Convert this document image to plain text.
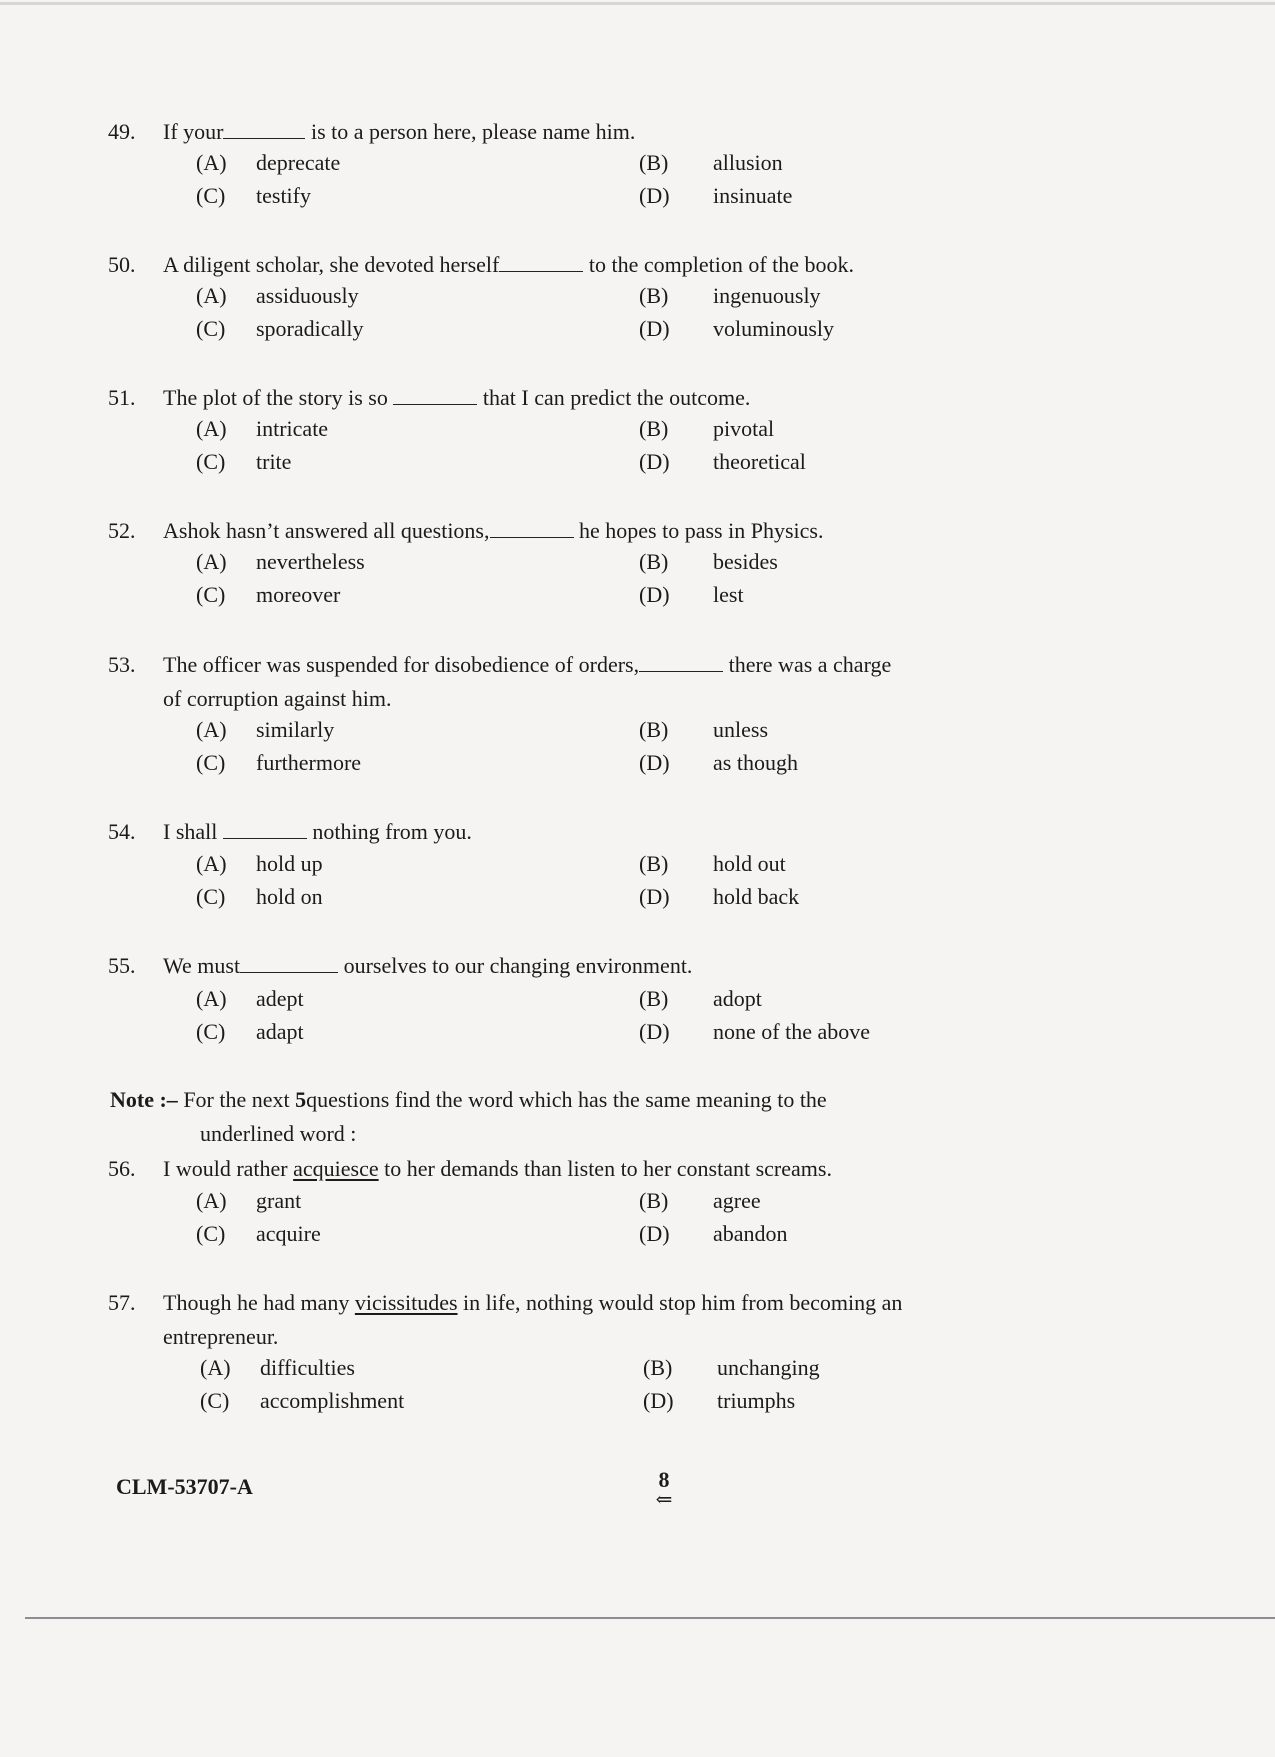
49.	If your	is to a person here, please name him.
(A) deprecate	(B) allusion
(C) testify	(D) insinuate
50.	A diligent scholar, she devoted herself	to the completion of the book.
(A) assiduously	(B) ingenuously
(C) sporadically	(D) voluminously
51.	The plot of the story is so	that I can predict the outcome.
(A) intricate	(B) pivotal
(C) trite	(D) theoretical
52.	Ashok hasn’t answered all questions,	he hopes to pass in Physics.
(A) nevertheless	(B) besides
(C) moreover	(D) lest
53.	The officer was suspended for disobedience of orders,	there was a charge
of corruption against him.
(A) similarly	(B) unless
(C) furthermore	(D) as though
54.	I shall	nothing from you.
(A) hold up	(B) hold out
(C) hold on	(D) hold back
55.	We must	ourselves to our changing environment.
(A) adept	(B) adopt
(C) adapt	(D) none of the above
Note :– For the next 5questions find the word which has the same meaning to the
underlined word :
56.	I would rather acquiesce to her demands than listen to her constant screams.
(A) grant	(B) agree
(C) acquire	(D) abandon
57.	Though he had many vicissitudes in life, nothing would stop him from becoming an
entrepreneur.
(A) difficulties	(B) unchanging
(C) accomplishment	(D) triumphs
CLM-53707-A	8
⇐
